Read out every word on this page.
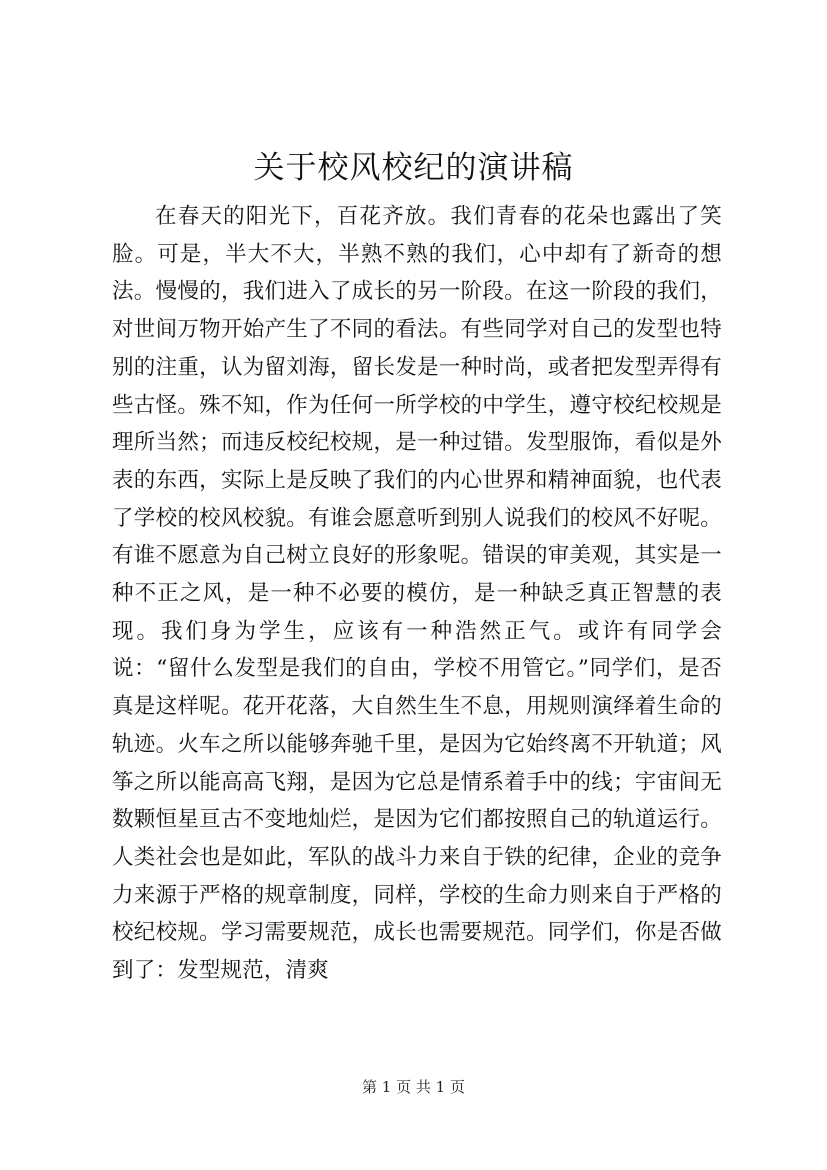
关于校风校纪的演讲稿

在春天的阳光下，百花齐放。我们青春的花朵也露出了笑脸。可是，半大不大，半熟不熟的我们，心中却有了新奇的想法。慢慢的，我们进入了成长的另一阶段。在这一阶段的我们，对世间万物开始产生了不同的看法。有些同学对自己的发型也特别的注重，认为留刘海，留长发是一种时尚，或者把发型弄得有些古怪。殊不知，作为任何一所学校的中学生，遵守校纪校规是理所当然；而违反校纪校规，是一种过错。发型服饰，看似是外表的东西，实际上是反映了我们的内心世界和精神面貌，也代表了学校的校风校貌。有谁会愿意听到别人说我们的校风不好呢。有谁不愿意为自己树立良好的形象呢。错误的审美观，其实是一种不正之风，是一种不必要的模仿，是一种缺乏真正智慧的表现。我们身为学生，应该有一种浩然正气。或许有同学会说：“留什么发型是我们的自由，学校不用管它。”同学们，是否真是这样呢。花开花落，大自然生生不息，用规则演绎着生命的轨迹。火车之所以能够奔驰千里，是因为它始终离不开轨道；风筝之所以能高高飞翔，是因为它总是情系着手中的线；宇宙间无数颗恒星亘古不变地灿烂，是因为它们都按照自己的轨道运行。人类社会也是如此，军队的战斗力来自于铁的纪律，企业的竞争力来源于严格的规章制度，同样，学校的生命力则来自于严格的校纪校规。学习需要规范，成长也需要规范。同学们，你是否做到了：发型规范，清爽

第 1 页 共 1 页
